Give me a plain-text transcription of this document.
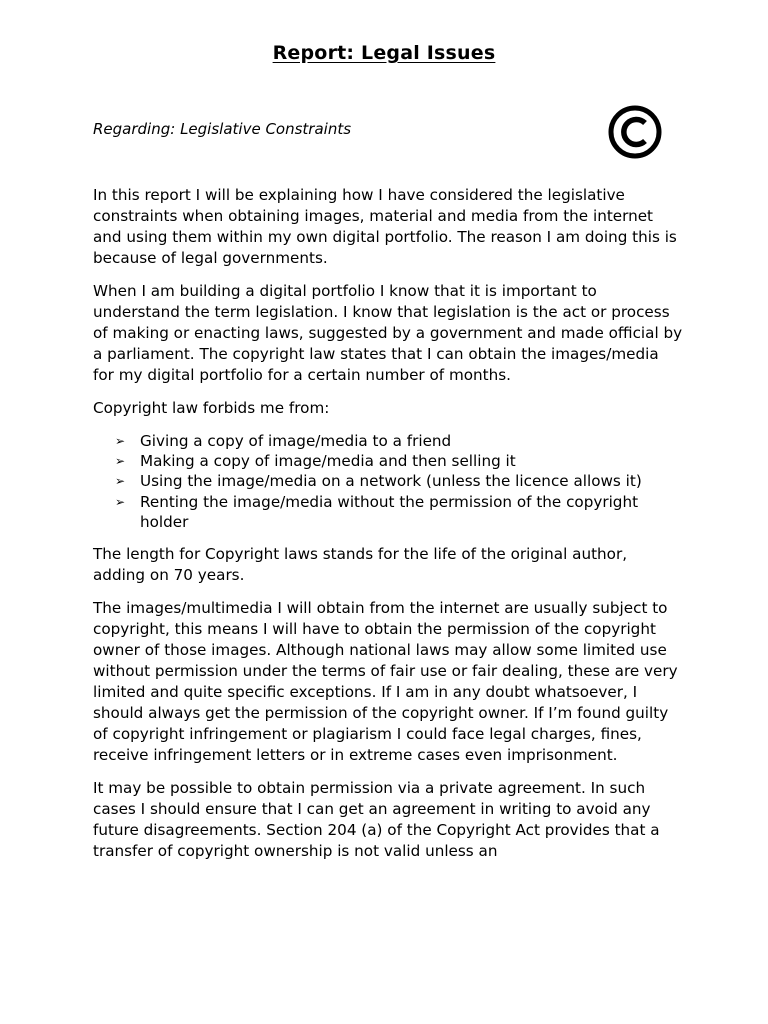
Report: Legal Issues
Regarding: Legislative Constraints

In this report I will be explaining how I have considered the legislative constraints when obtaining images, material and media from the internet and using them within my own digital portfolio. The reason I am doing this is because of legal governments.

When I am building a digital portfolio I know that it is important to understand the term legislation. I know that legislation is the act or process of making or enacting laws, suggested by a government and made official by a parliament. The copyright law states that I can obtain the images/media for my digital portfolio for a certain number of months.

Copyright law forbids me from:

➢ Giving a copy of image/media to a friend
➢ Making a copy of image/media and then selling it
➢ Using the image/media on a network (unless the licence allows it)
➢ Renting the image/media without the permission of the copyright holder

The length for Copyright laws stands for the life of the original author, adding on 70 years.

The images/multimedia I will obtain from the internet are usually subject to copyright, this means I will have to obtain the permission of the copyright owner of those images. Although national laws may allow some limited use without permission under the terms of fair use or fair dealing, these are very limited and quite specific exceptions. If I am in any doubt whatsoever, I should always get the permission of the copyright owner. If I’m found guilty of copyright infringement or plagiarism I could face legal charges, fines, receive infringement letters or in extreme cases even imprisonment.

It may be possible to obtain permission via a private agreement. In such cases I should ensure that I can get an agreement in writing to avoid any future disagreements. Section 204 (a) of the Copyright Act provides that a transfer of copyright ownership is not valid unless an
